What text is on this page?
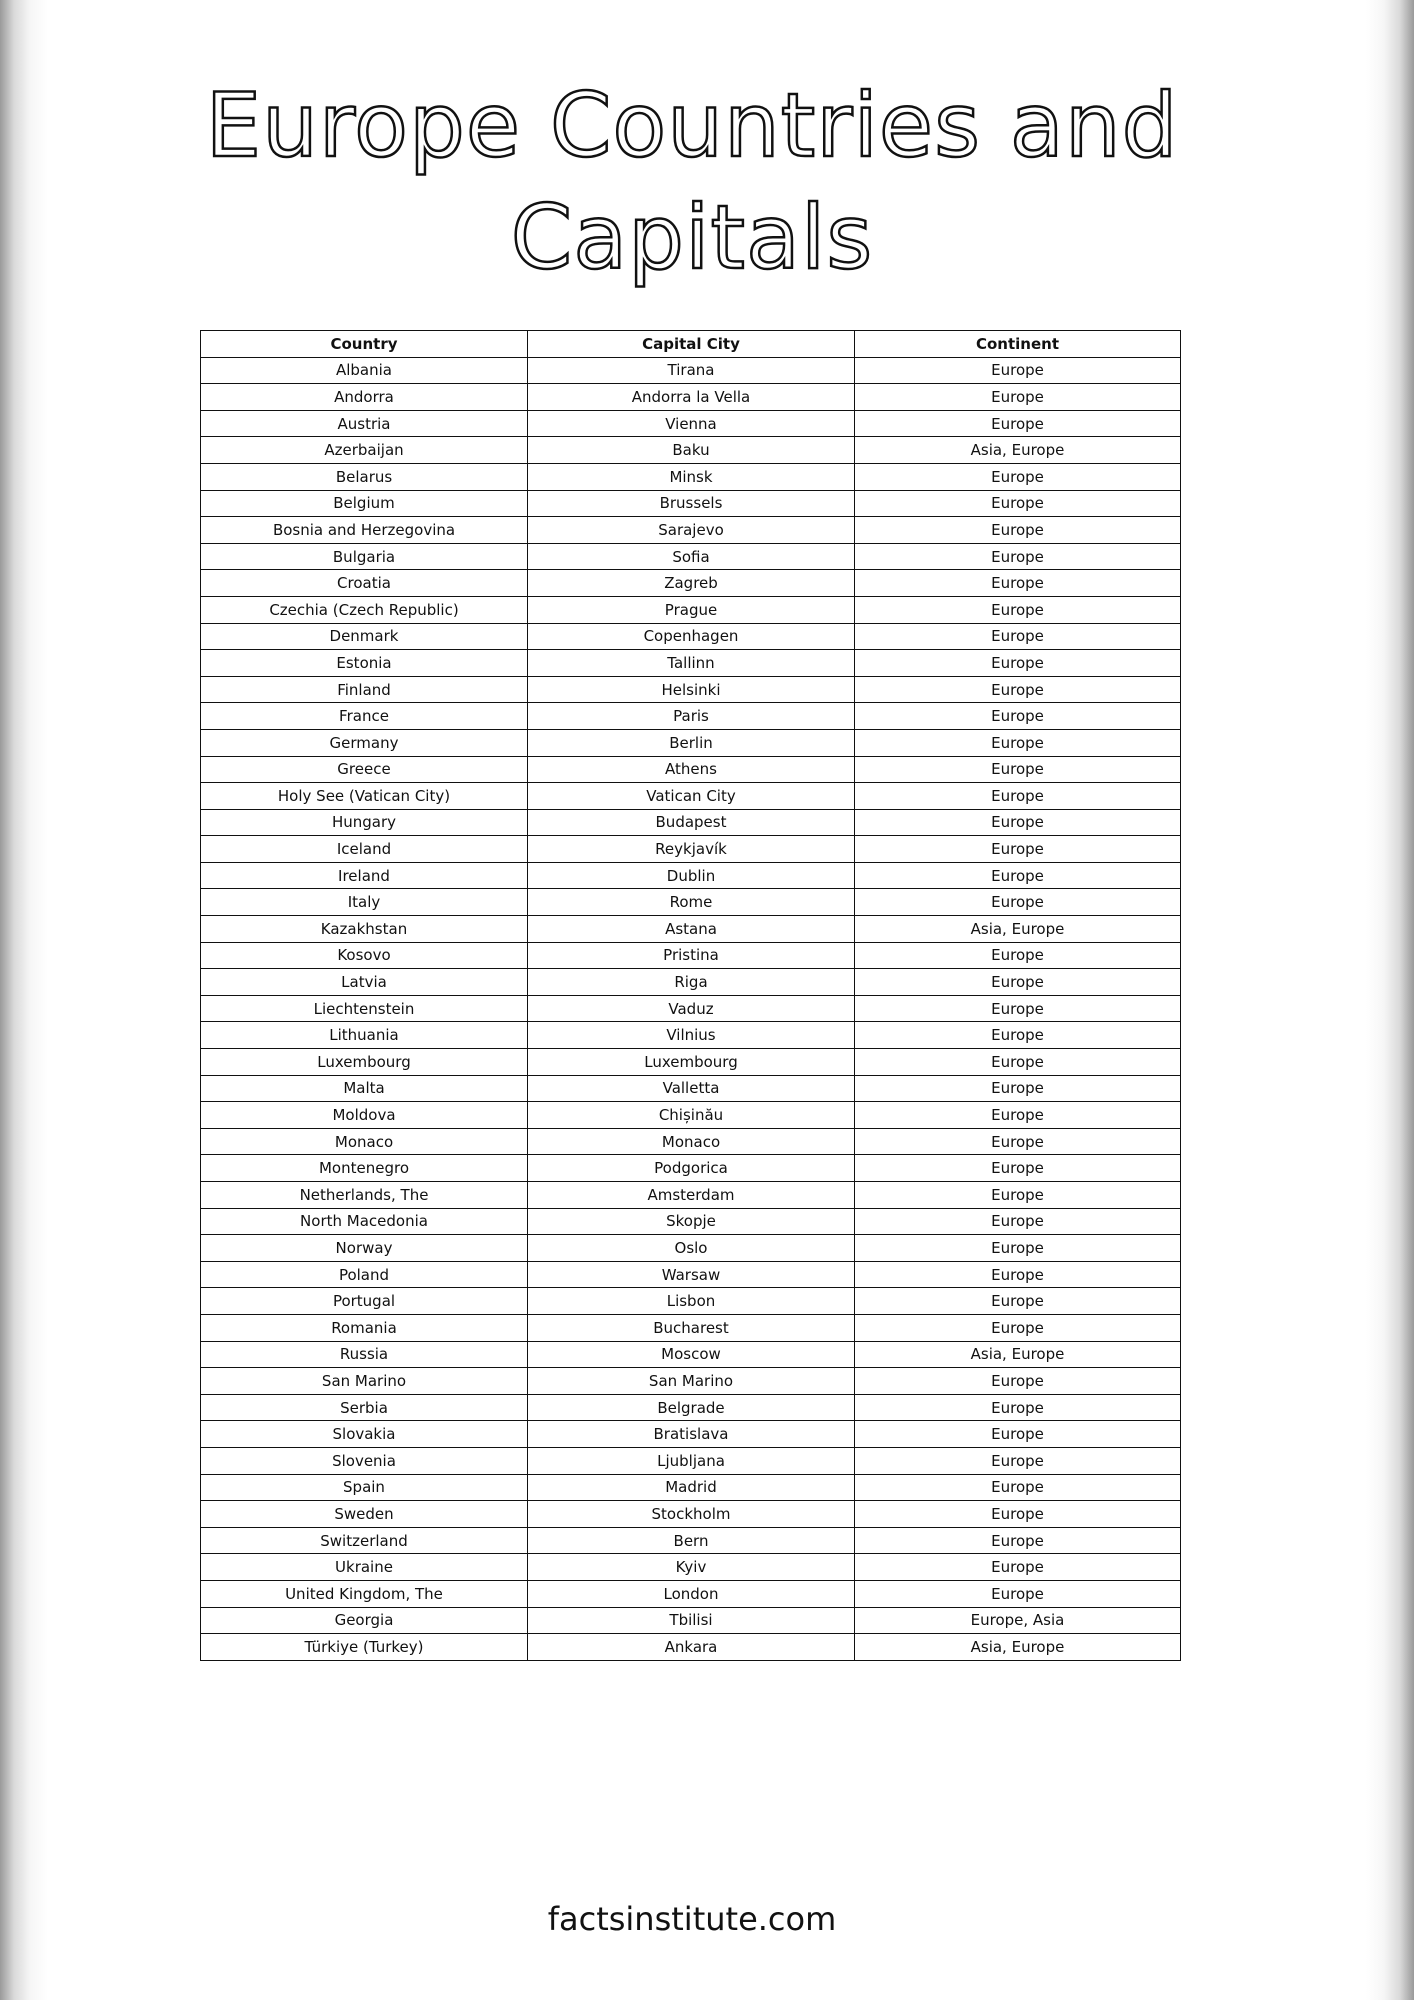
Europe Countries and
Capitals
Country	Capital City	Continent
Albania	Tirana	Europe
Andorra	Andorra la Vella	Europe
Austria	Vienna	Europe
Azerbaijan	Baku	Asia, Europe
Belarus	Minsk	Europe
Belgium	Brussels	Europe
Bosnia and Herzegovina	Sarajevo	Europe
Bulgaria	Sofia	Europe
Croatia	Zagreb	Europe
Czechia (Czech Republic)	Prague	Europe
Denmark	Copenhagen	Europe
Estonia	Tallinn	Europe
Finland	Helsinki	Europe
France	Paris	Europe
Germany	Berlin	Europe
Greece	Athens	Europe
Holy See (Vatican City)	Vatican City	Europe
Hungary	Budapest	Europe
Iceland	Reykjavík	Europe
Ireland	Dublin	Europe
Italy	Rome	Europe
Kazakhstan	Astana	Asia, Europe
Kosovo	Pristina	Europe
Latvia	Riga	Europe
Liechtenstein	Vaduz	Europe
Lithuania	Vilnius	Europe
Luxembourg	Luxembourg	Europe
Malta	Valletta	Europe
Moldova	Chișinău	Europe
Monaco	Monaco	Europe
Montenegro	Podgorica	Europe
Netherlands, The	Amsterdam	Europe
North Macedonia	Skopje	Europe
Norway	Oslo	Europe
Poland	Warsaw	Europe
Portugal	Lisbon	Europe
Romania	Bucharest	Europe
Russia	Moscow	Asia, Europe
San Marino	San Marino	Europe
Serbia	Belgrade	Europe
Slovakia	Bratislava	Europe
Slovenia	Ljubljana	Europe
Spain	Madrid	Europe
Sweden	Stockholm	Europe
Switzerland	Bern	Europe
Ukraine	Kyiv	Europe
United Kingdom, The	London	Europe
Georgia	Tbilisi	Europe, Asia
Türkiye (Turkey)	Ankara	Asia, Europe
factsinstitute.com
